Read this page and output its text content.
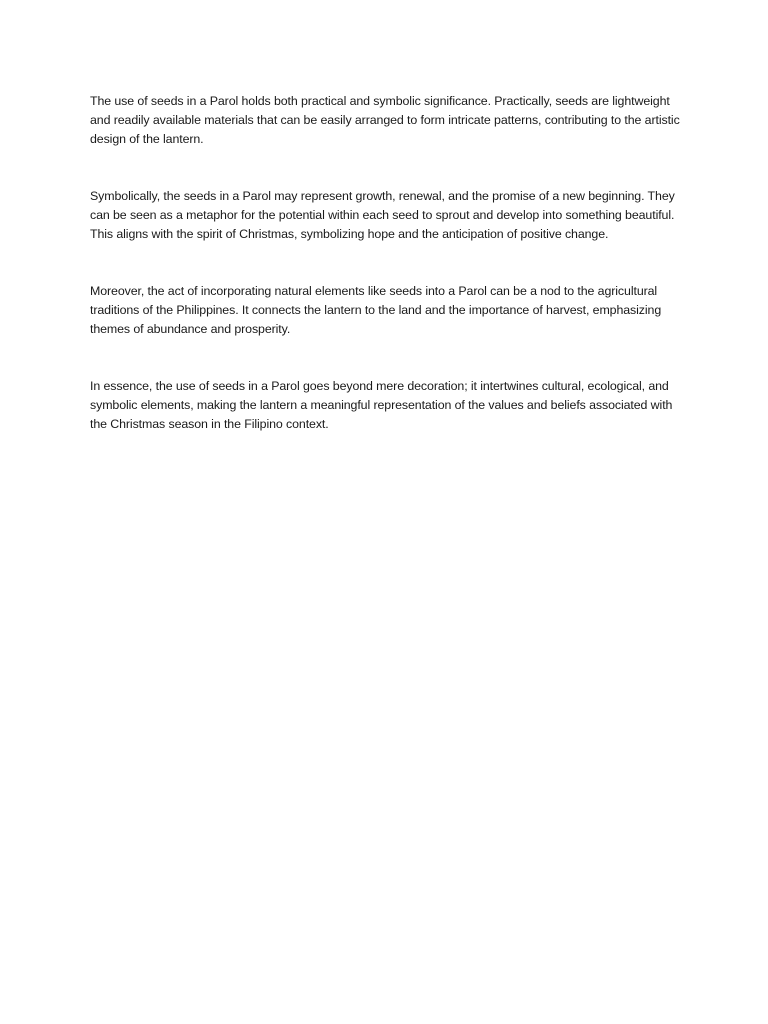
The use of seeds in a Parol holds both practical and symbolic significance. Practically, seeds are lightweight and readily available materials that can be easily arranged to form intricate patterns, contributing to the artistic design of the lantern.

Symbolically, the seeds in a Parol may represent growth, renewal, and the promise of a new beginning. They can be seen as a metaphor for the potential within each seed to sprout and develop into something beautiful. This aligns with the spirit of Christmas, symbolizing hope and the anticipation of positive change.

Moreover, the act of incorporating natural elements like seeds into a Parol can be a nod to the agricultural traditions of the Philippines. It connects the lantern to the land and the importance of harvest, emphasizing themes of abundance and prosperity.

In essence, the use of seeds in a Parol goes beyond mere decoration; it intertwines cultural, ecological, and symbolic elements, making the lantern a meaningful representation of the values and beliefs associated with the Christmas season in the Filipino context.
